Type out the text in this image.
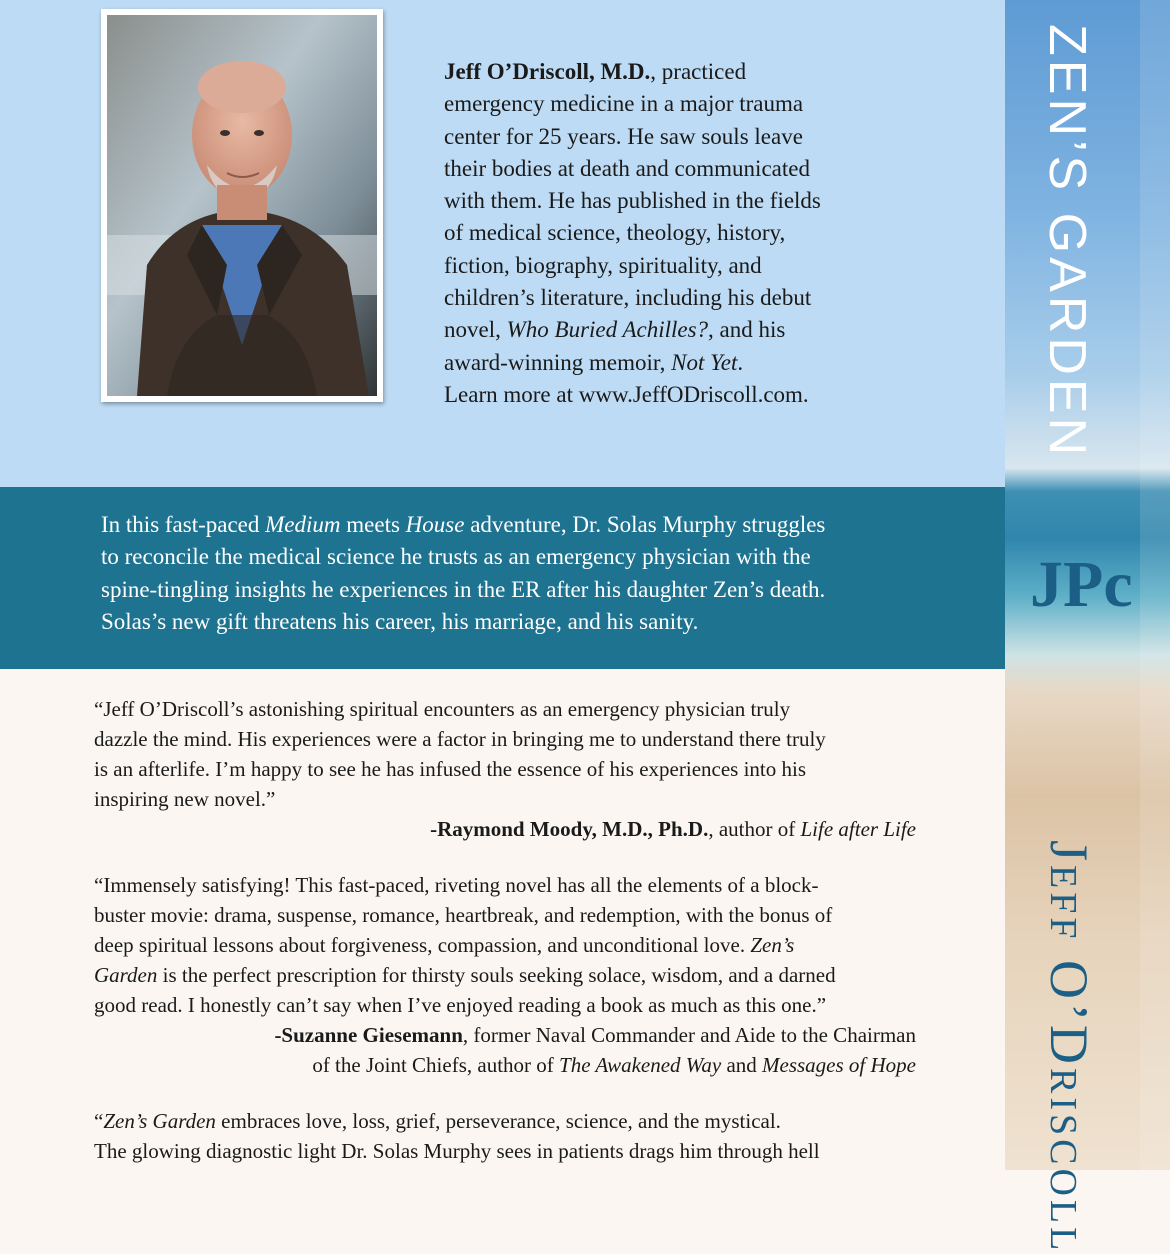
Jeff O’Driscoll, M.D., practiced
emergency medicine in a major trauma
center for 25 years. He saw souls leave
their bodies at death and communicated
with them. He has published in the fields
of medical science, theology, history,
fiction, biography, spirituality, and
children’s literature, including his debut
novel, Who Buried Achilles?, and his
award-winning memoir, Not Yet.
Learn more at www.JeffODriscoll.com.
In this fast-paced Medium meets House adventure, Dr. Solas Murphy struggles
to reconcile the medical science he trusts as an emergency physician with the
spine-tingling insights he experiences in the ER after his daughter Zen’s death.
Solas’s new gift threatens his career, his marriage, and his sanity.

“Jeff O’Driscoll’s astonishing spiritual encounters as an emergency physician truly

dazzle the mind. His experiences were a factor in bringing me to understand there truly

is an afterlife. I’m happy to see he has infused the essence of his experiences into his

inspiring new novel.”

-Raymond Moody, M.D., Ph.D., author of Life after Life

“Immensely satisfying! This fast-paced, riveting novel has all the elements of a block-

buster movie: drama, suspense, romance, heartbreak, and redemption, with the bonus of

deep spiritual lessons about forgiveness, compassion, and unconditional love. Zen’s

Garden is the perfect prescription for thirsty souls seeking solace, wisdom, and a darned

good read. I honestly can’t say when I’ve enjoyed reading a book as much as this one.”

-Suzanne Giesemann, former Naval Commander and Aide to the Chairman

of the Joint Chiefs, author of The Awakened Way and Messages of Hope

“Zen’s Garden embraces love, loss, grief, perseverance, science, and the mystical.

The glowing diagnostic light Dr. Solas Murphy sees in patients drags him through hell

ZEN’S GARDEN
JPc
Jeff O’Driscoll
